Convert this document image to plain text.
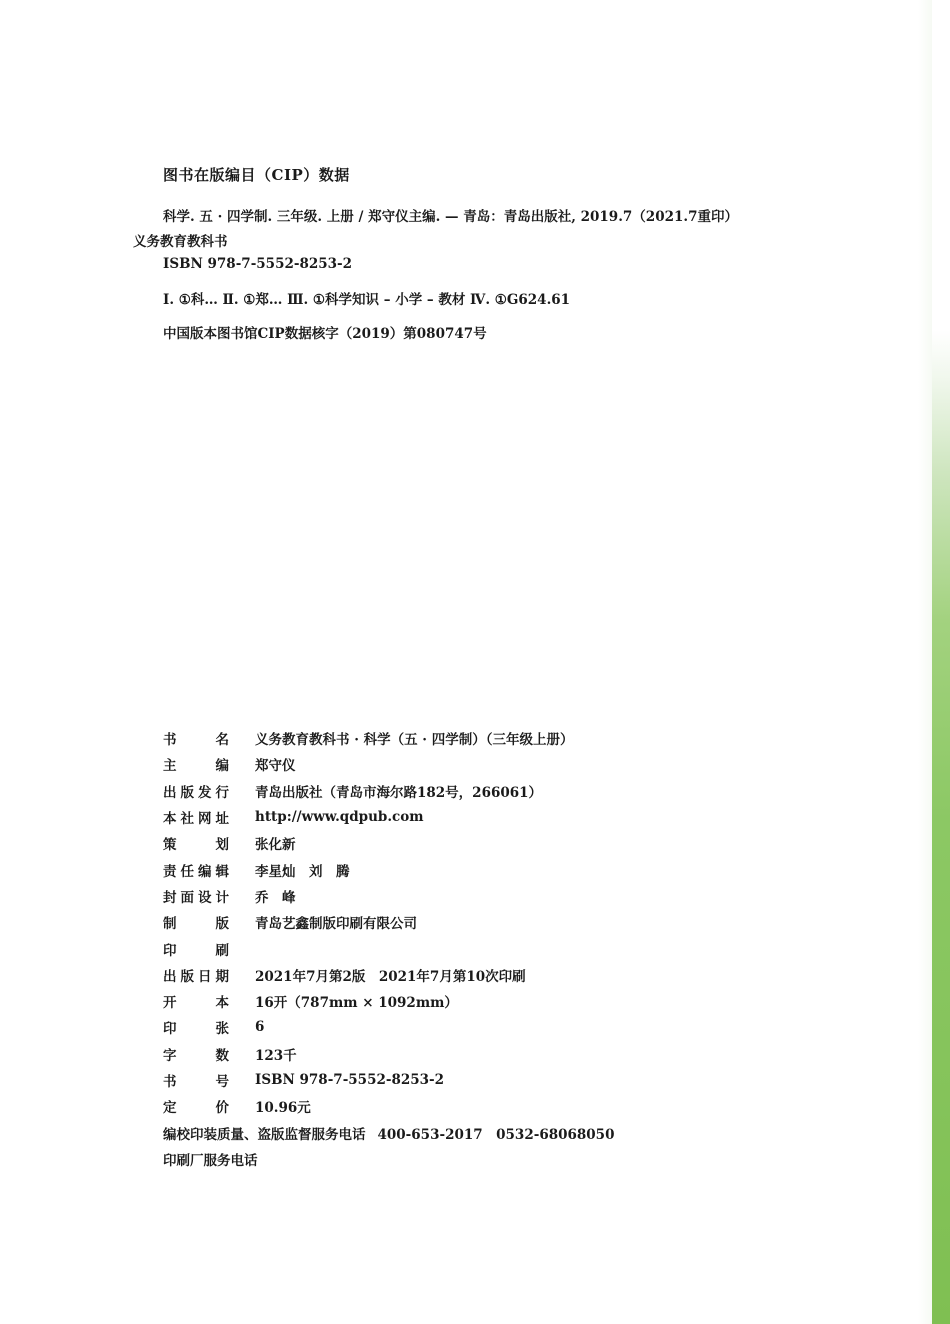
图书在版编目（CIP）数据
科学. 五 · 四学制. 三年级. 上册 / 郑守仪主编. — 青岛：青岛出版社, 2019.7（2021.7重印）
义务教育教科书
ISBN 978-7-5552-8253-2
Ⅰ. ①科… Ⅱ. ①郑… Ⅲ. ①科学知识 – 小学 – 教材 Ⅳ. ①G624.61
中国版本图书馆CIP数据核字（2019）第080747号
书名	义务教育教科书 · 科学（五 · 四学制）（三年级上册）
主编	郑守仪
出版发行	青岛出版社（青岛市海尔路182号，266061）
本社网址	http://www.qdpub.com
策划	张化新
责任编辑	李星灿　刘　腾
封面设计	乔　峰
制版	青岛艺鑫制版印刷有限公司
印刷
出版日期	2021年7月第2版　2021年7月第10次印刷
开本	16开（787mm × 1092mm）
印张	6
字数	123千
书号	ISBN 978-7-5552-8253-2
定价	10.96元
编校印装质量、盗版监督服务电话 400-653-2017　0532-68068050
印刷厂服务电话
